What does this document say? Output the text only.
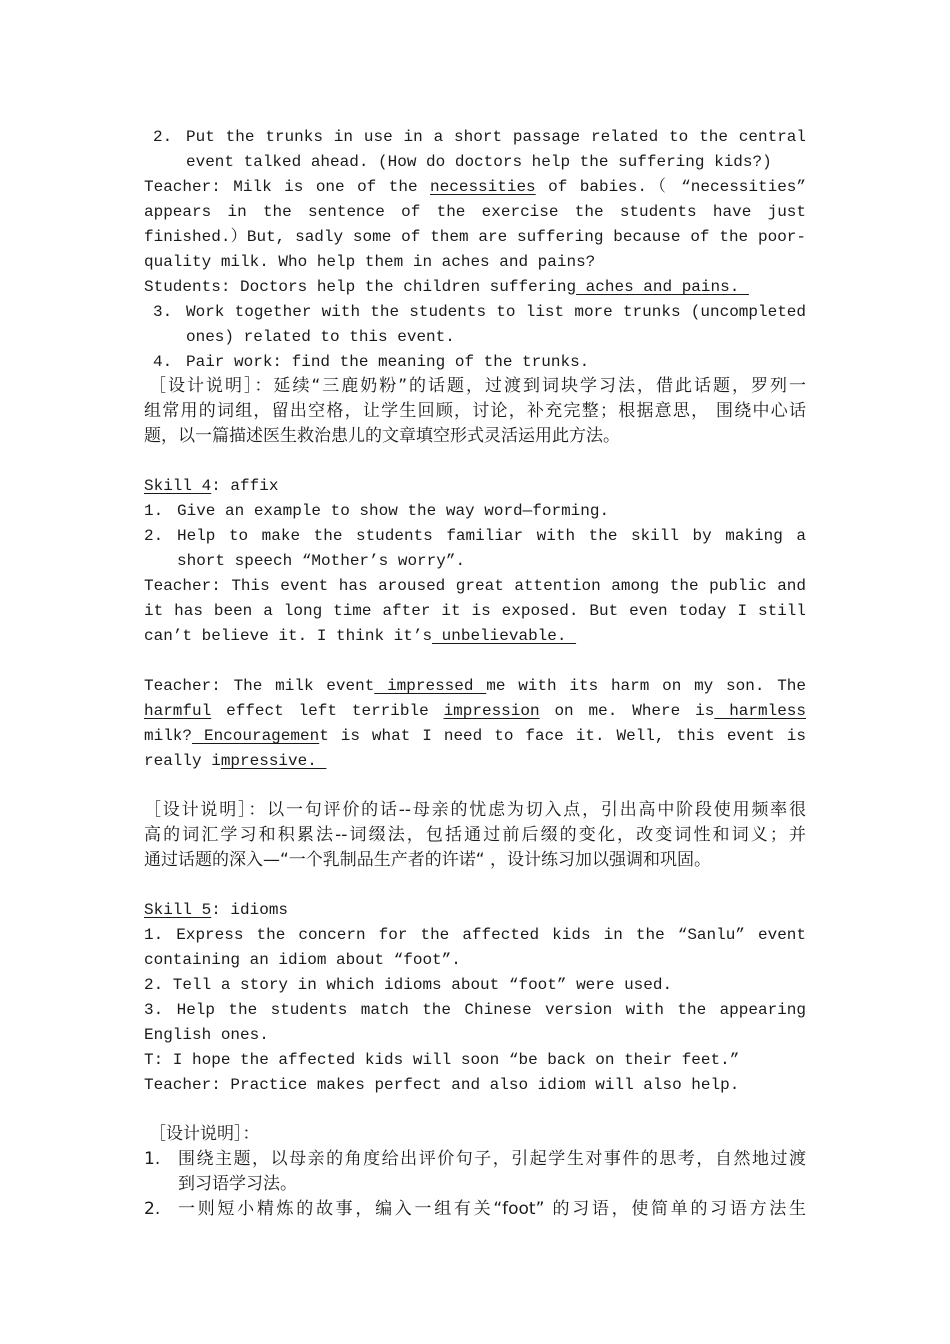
2. Put the trunks in use in a short passage related to the central
event talked ahead. (How do doctors help the suffering kids?)
Teacher: Milk is one of the necessities of babies.（ “necessities”
appears in the sentence of the exercise the students have just
finished.）But, sadly some of them are suffering because of the poor-
quality milk. Who help them in aches and pains?
Students: Doctors help the children suffering aches and pains.
3. Work together with the students to list more trunks (uncompleted
ones) related to this event.
4. Pair work: find the meaning of the trunks.
［设计说明］：延续“三鹿奶粉”的话题，过渡到词块学习法，借此话题，罗列一
组常用的词组，留出空格，让学生回顾，讨论，补充完整；根据意思， 围绕中心话
题，以一篇描述医生救治患儿的文章填空形式灵活运用此方法。
Skill 4: affix
1. Give an example to show the way word—forming.
2. Help to make the students familiar with the skill by making a
short speech “Mother’s worry”.
Teacher: This event has aroused great attention among the public and
it has been a long time after it is exposed. But even today I still
can’t believe it. I think it’s unbelievable.
Teacher: The milk event impressed me with its harm on my son. The
harmful effect left terrible impression on me. Where is harmless
milk? Encouragement is what I need to face it. Well, this event is
really impressive.
［设计说明］：以一句评价的话--母亲的忧虑为切入点，引出高中阶段使用频率很
高的词汇学习和积累法--词缀法，包括通过前后缀的变化，改变词性和词义；并
通过话题的深入—“一个乳制品生产者的许诺“ ，设计练习加以强调和巩固。
Skill 5: idioms
1. Express the concern for the affected kids in the “Sanlu” event
containing an idiom about “foot”.
2. Tell a story in which idioms about “foot” were used.
3. Help the students match the Chinese version with the appearing
English ones.
T: I hope the affected kids will soon “be back on their feet.”
Teacher: Practice makes perfect and also idiom will also help.
［设计说明］：
1.	围绕主题，以母亲的角度给出评价句子，引起学生对事件的思考，自然地过渡
到习语学习法。
2.	一则短小精炼的故事，编入一组有关“foot” 的习语，使简单的习语方法生
